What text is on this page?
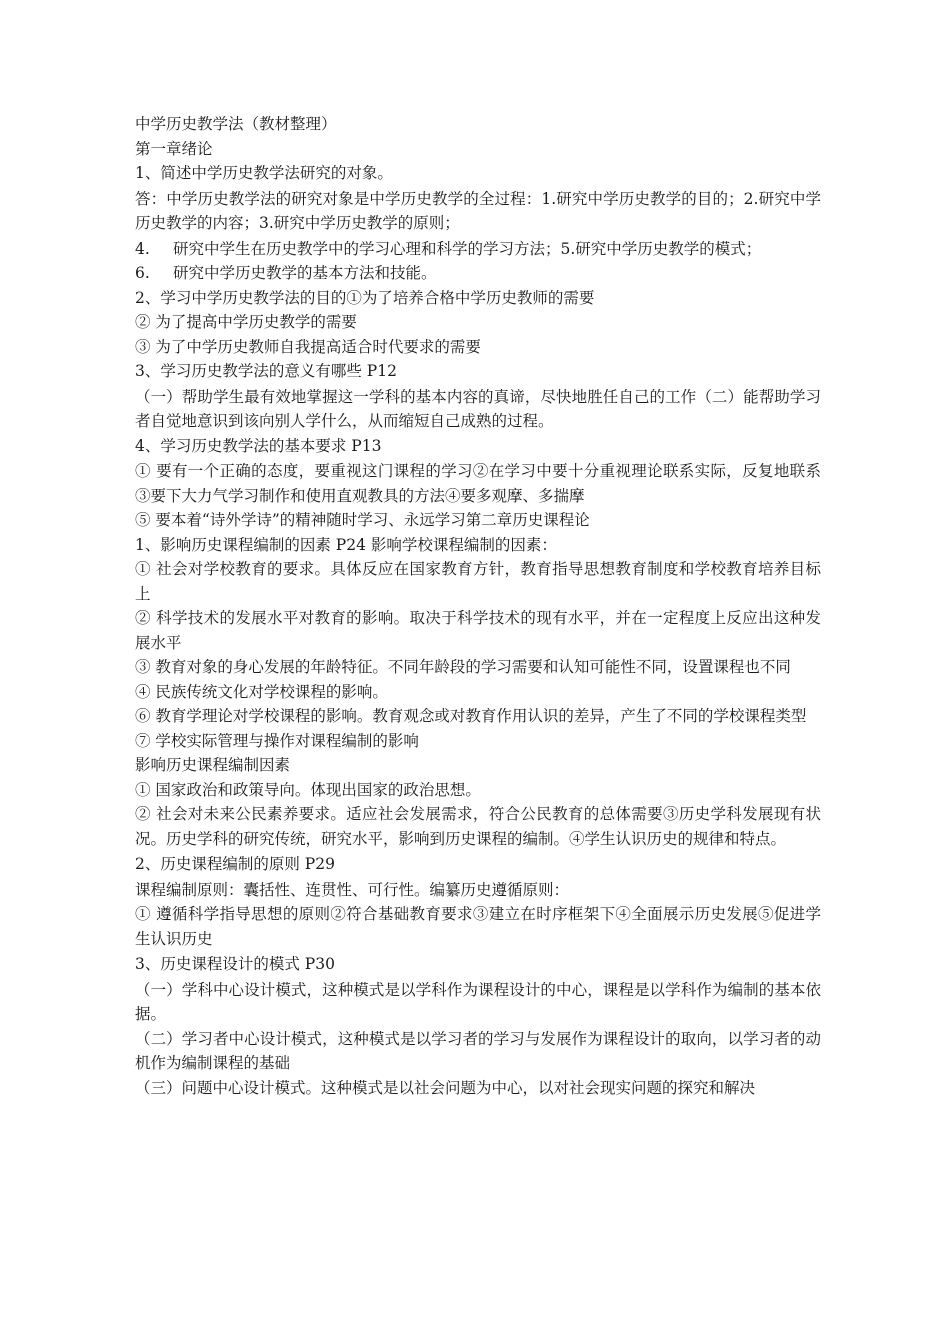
中学历史教学法（教材整理）

第一章绪论

1、简述中学历史教学法研究的对象。

答：中学历史教学法的研究对象是中学历史教学的全过程：1.研究中学历史教学的目的；2.研究中学历史教学的内容；3.研究中学历史教学的原则；

4. 研究中学生在历史教学中的学习心理和科学的学习方法；5.研究中学历史教学的模式；

6. 研究中学历史教学的基本方法和技能。

2、学习中学历史教学法的目的①为了培养合格中学历史教师的需要

② 为了提高中学历史教学的需要

③ 为了中学历史教师自我提高适合时代要求的需要

3、学习历史教学法的意义有哪些 P12

（一）帮助学生最有效地掌握这一学科的基本内容的真谛，尽快地胜任自己的工作（二）能帮助学习者自觉地意识到该向别人学什么，从而缩短自己成熟的过程。

4、学习历史教学法的基本要求 P13

① 要有一个正确的态度，要重视这门课程的学习②在学习中要十分重视理论联系实际，反复地联系③要下大力气学习制作和使用直观教具的方法④要多观摩、多揣摩

⑤ 要本着“诗外学诗”的精神随时学习、永远学习第二章历史课程论

1、影响历史课程编制的因素 P24 影响学校课程编制的因素：

① 社会对学校教育的要求。具体反应在国家教育方针，教育指导思想教育制度和学校教育培养目标上

② 科学技术的发展水平对教育的影响。取决于科学技术的现有水平，并在一定程度上反应出这种发展水平

③ 教育对象的身心发展的年龄特征。不同年龄段的学习需要和认知可能性不同，设置课程也不同

④ 民族传统文化对学校课程的影响。

⑥ 教育学理论对学校课程的影响。教育观念或对教育作用认识的差异，产生了不同的学校课程类型

⑦ 学校实际管理与操作对课程编制的影响

影响历史课程编制因素

① 国家政治和政策导向。体现出国家的政治思想。

② 社会对未来公民素养要求。适应社会发展需求，符合公民教育的总体需要③历史学科发展现有状况。历史学科的研究传统，研究水平，影响到历史课程的编制。④学生认识历史的规律和特点。

2、历史课程编制的原则 P29

课程编制原则：囊括性、连贯性、可行性。编纂历史遵循原则：

① 遵循科学指导思想的原则②符合基础教育要求③建立在时序框架下④全面展示历史发展⑤促进学生认识历史

3、历史课程设计的模式 P30

（一）学科中心设计模式，这种模式是以学科作为课程设计的中心，课程是以学科作为编制的基本依据。

（二）学习者中心设计模式，这种模式是以学习者的学习与发展作为课程设计的取向，以学习者的动机作为编制课程的基础

（三）问题中心设计模式。这种模式是以社会问题为中心，以对社会现实问题的探究和解决
